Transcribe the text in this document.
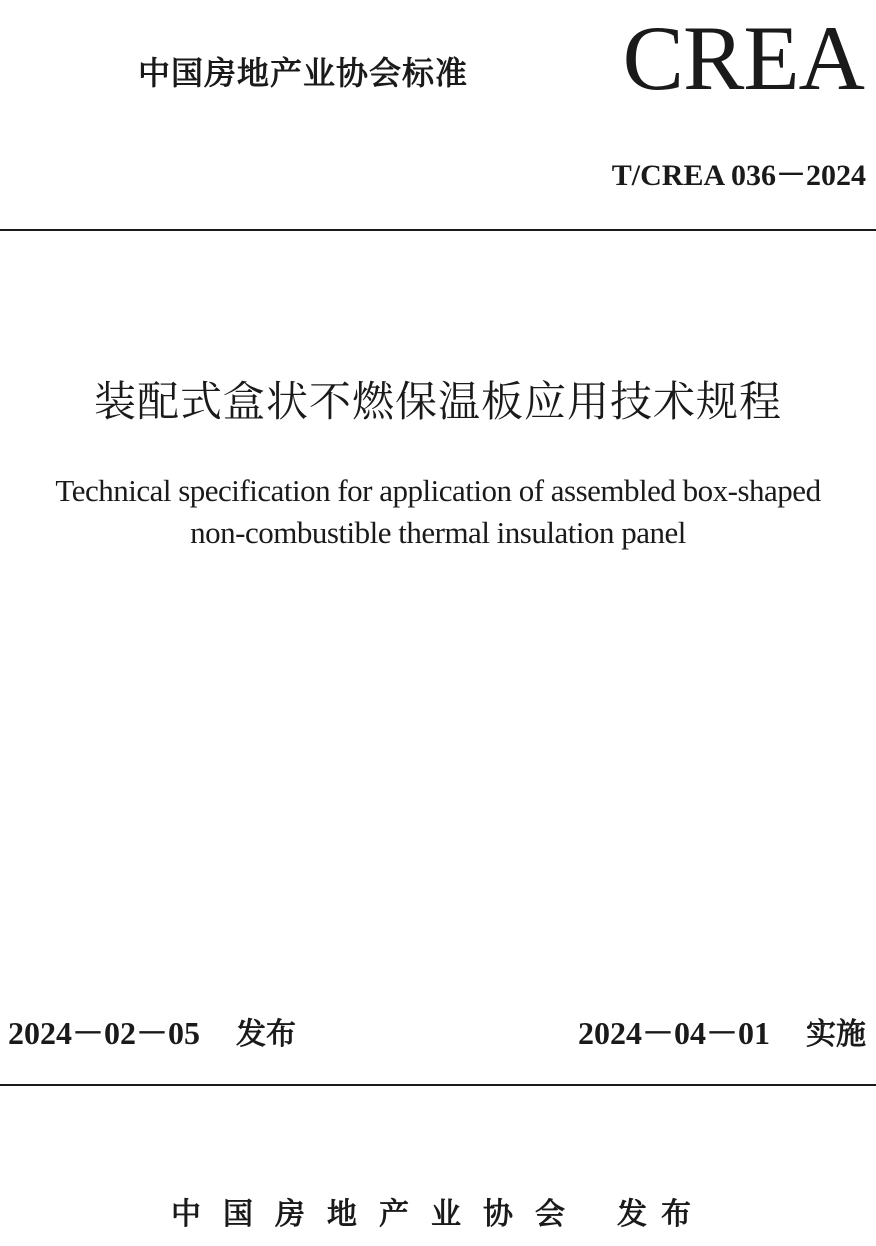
中国房地产业协会标准 CREA
T/CREA 036－2024
装配式盒状不燃保温板应用技术规程
Technical specification for application of assembled box-shaped
non-combustible thermal insulation panel
2024－02－05 发布	2024－04－01 实施
中国房地产业协会 发布
